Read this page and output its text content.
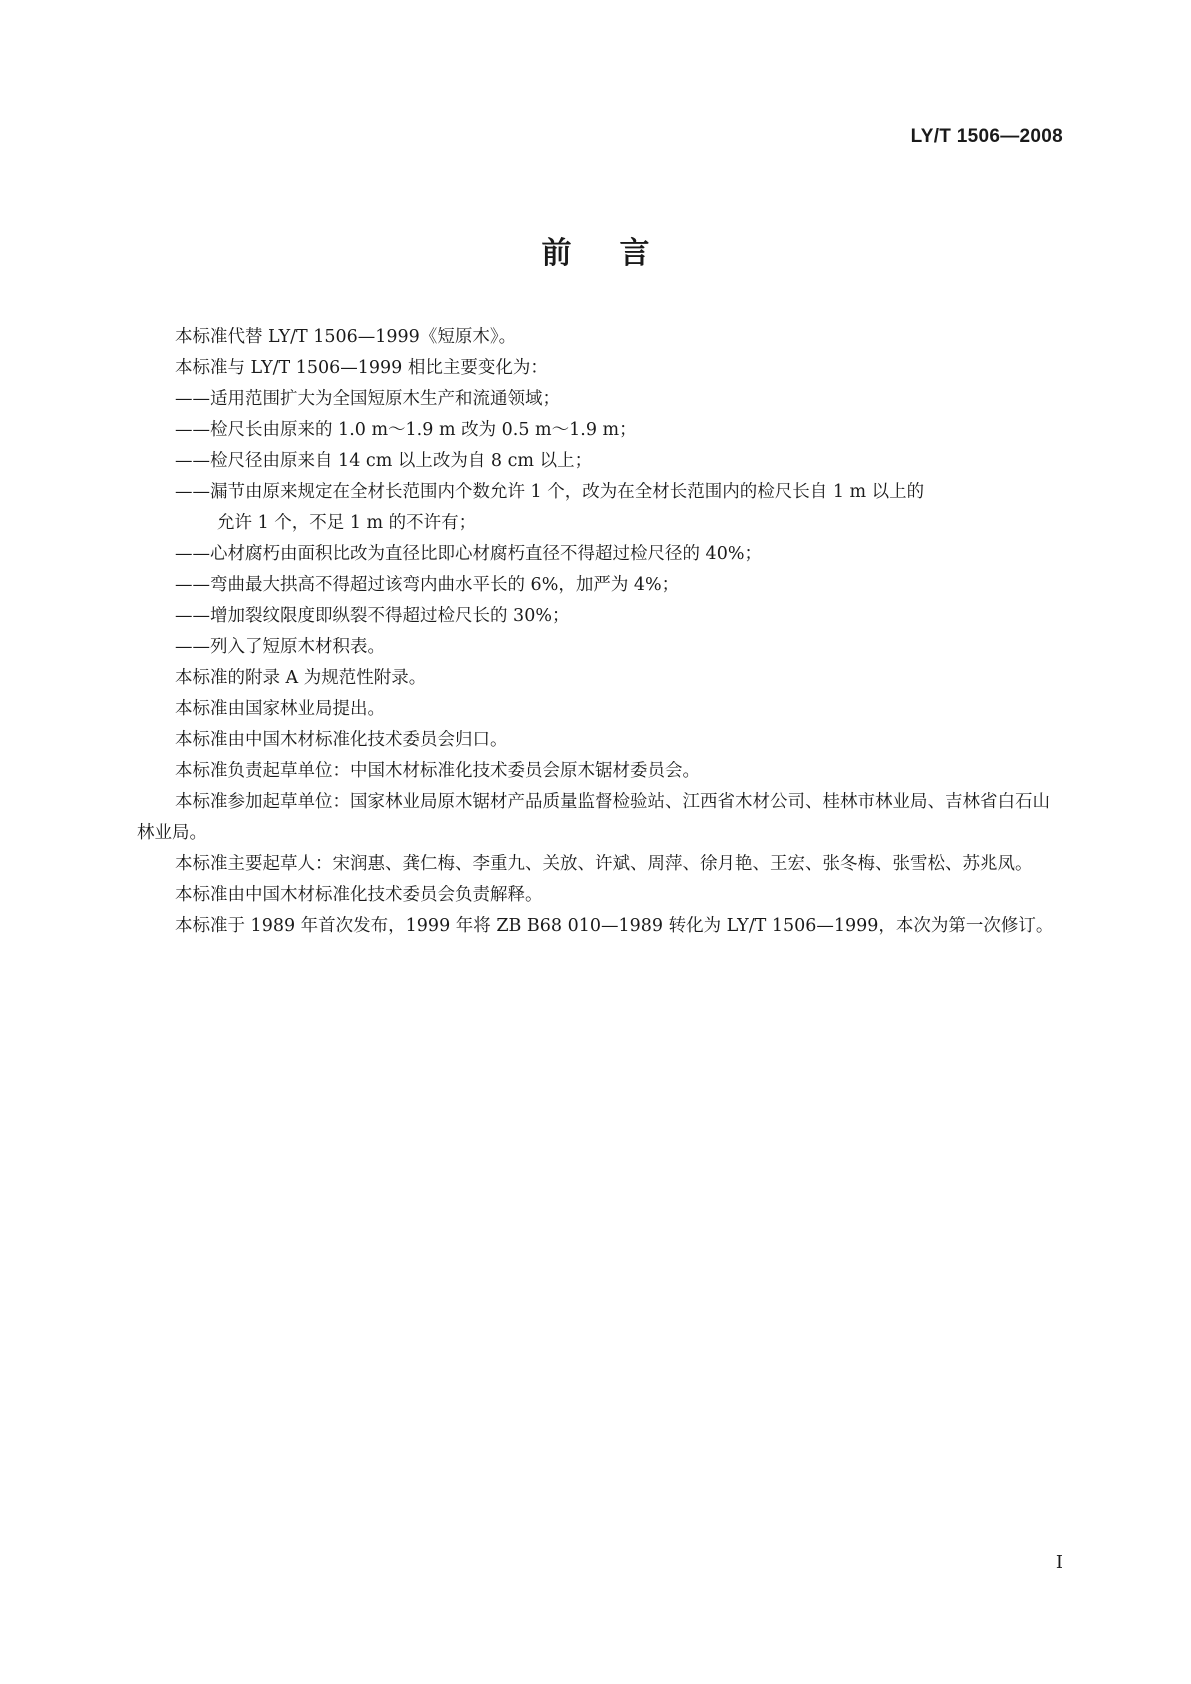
LY/T 1506—2008
前言

本标准代替 LY/T 1506—1999《短原木》。

本标准与 LY/T 1506—1999 相比主要变化为：

——适用范围扩大为全国短原木生产和流通领域；

——检尺长由原来的 1.0 m～1.9 m 改为 0.5 m～1.9 m；

——检尺径由原来自 14 cm 以上改为自 8 cm 以上；

——漏节由原来规定在全材长范围内个数允许 1 个，改为在全材长范围内的检尺长自 1 m 以上的

允许 1 个，不足 1 m 的不许有；

——心材腐朽由面积比改为直径比即心材腐朽直径不得超过检尺径的 40%；

——弯曲最大拱高不得超过该弯内曲水平长的 6%，加严为 4%；

——增加裂纹限度即纵裂不得超过检尺长的 30%；

——列入了短原木材积表。

本标准的附录 A 为规范性附录。

本标准由国家林业局提出。

本标准由中国木材标准化技术委员会归口。

本标准负责起草单位：中国木材标准化技术委员会原木锯材委员会。

本标准参加起草单位：国家林业局原木锯材产品质量监督检验站、江西省木材公司、桂林市林业局、吉林省白石山林业局。

本标准主要起草人：宋润惠、龚仁梅、李重九、关放、许斌、周萍、徐月艳、王宏、张冬梅、张雪松、苏兆凤。

本标准由中国木材标准化技术委员会负责解释。

本标准于 1989 年首次发布，1999 年将 ZB B68 010—1989 转化为 LY/T 1506—1999，本次为第一次修订。

I
